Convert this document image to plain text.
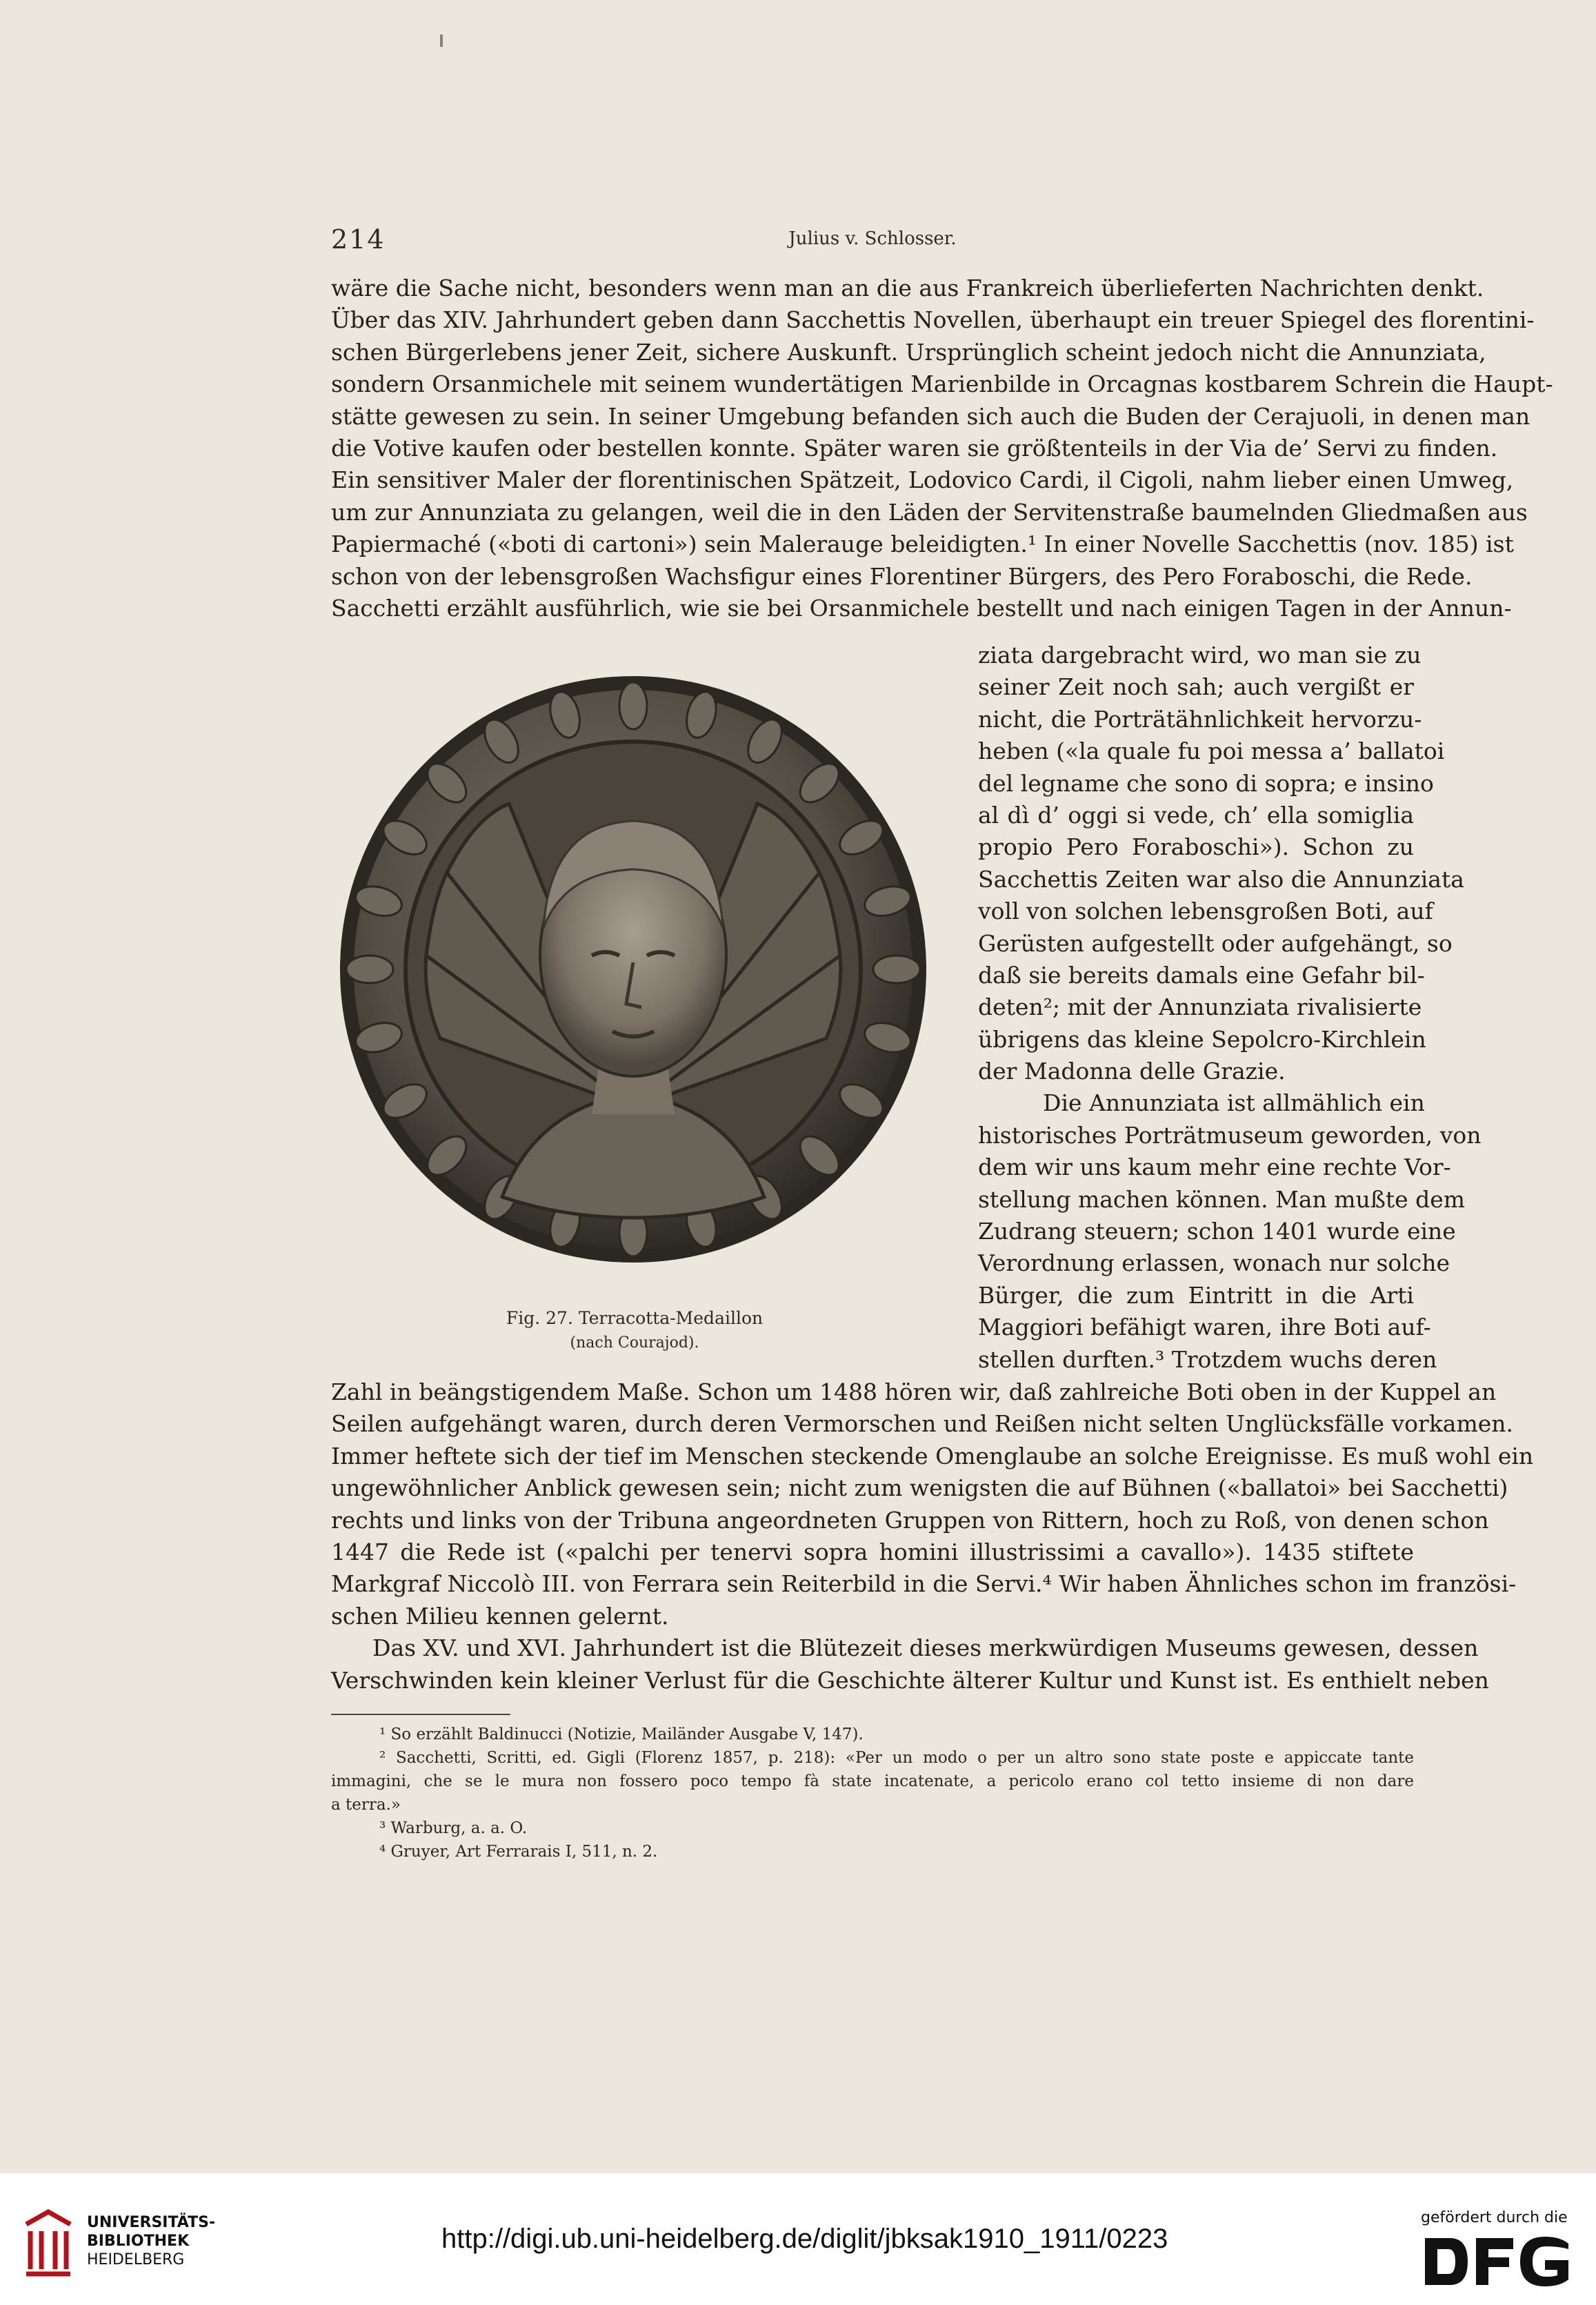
214	Julius v. Schlosser.
wäre die Sache nicht, besonders wenn man an die aus Frankreich überlieferten Nachrichten denkt.
Über das XIV. Jahrhundert geben dann Sacchettis Novellen, überhaupt ein treuer Spiegel des florentini-
schen Bürgerlebens jener Zeit, sichere Auskunft. Ursprünglich scheint jedoch nicht die Annunziata,
sondern Orsanmichele mit seinem wundertätigen Marienbilde in Orcagnas kostbarem Schrein die Haupt-
stätte gewesen zu sein. In seiner Umgebung befanden sich auch die Buden der Cerajuoli, in denen man
die Votive kaufen oder bestellen konnte. Später waren sie größtenteils in der Via de’ Servi zu finden.
Ein sensitiver Maler der florentinischen Spätzeit, Lodovico Cardi, il Cigoli, nahm lieber einen Umweg,
um zur Annunziata zu gelangen, weil die in den Läden der Servitenstraße baumelnden Gliedmaßen aus
Papiermaché («boti di cartoni») sein Malerauge beleidigten.¹ In einer Novelle Sacchettis (nov. 185) ist
schon von der lebensgroßen Wachsfigur eines Florentiner Bürgers, des Pero Foraboschi, die Rede.
Sacchetti erzählt ausführlich, wie sie bei Orsanmichele bestellt und nach einigen Tagen in der Annun-
Fig. 27. Terracotta-Medaillon
(nach Courajod).
ziata dargebracht wird, wo man sie zu
seiner Zeit noch sah; auch vergißt er
nicht, die Porträtähnlichkeit hervorzu-
heben («la quale fu poi messa a’ ballatoi
del legname che sono di sopra; e insino
al dì d’ oggi si vede, ch’ ella somiglia
propio Pero Foraboschi»). Schon zu
Sacchettis Zeiten war also die Annunziata
voll von solchen lebensgroßen Boti, auf
Gerüsten aufgestellt oder aufgehängt, so
daß sie bereits damals eine Gefahr bil-
deten²; mit der Annunziata rivalisierte
übrigens das kleine Sepolcro-Kirchlein
der Madonna delle Grazie.
Die Annunziata ist allmählich ein
historisches Porträtmuseum geworden, von
dem wir uns kaum mehr eine rechte Vor-
stellung machen können. Man mußte dem
Zudrang steuern; schon 1401 wurde eine
Verordnung erlassen, wonach nur solche
Bürger, die zum Eintritt in die Arti
Maggiori befähigt waren, ihre Boti auf-
stellen durften.³ Trotzdem wuchs deren
Zahl in beängstigendem Maße. Schon um 1488 hören wir, daß zahlreiche Boti oben in der Kuppel an
Seilen aufgehängt waren, durch deren Vermorschen und Reißen nicht selten Unglücksfälle vorkamen.
Immer heftete sich der tief im Menschen steckende Omenglaube an solche Ereignisse. Es muß wohl ein
ungewöhnlicher Anblick gewesen sein; nicht zum wenigsten die auf Bühnen («ballatoi» bei Sacchetti)
rechts und links von der Tribuna angeordneten Gruppen von Rittern, hoch zu Roß, von denen schon
1447 die Rede ist («palchi per tenervi sopra homini illustrissimi a cavallo»). 1435 stiftete
Markgraf Niccolò III. von Ferrara sein Reiterbild in die Servi.⁴ Wir haben Ähnliches schon im französi-
schen Milieu kennen gelernt.
Das XV. und XVI. Jahrhundert ist die Blütezeit dieses merkwürdigen Museums gewesen, dessen
Verschwinden kein kleiner Verlust für die Geschichte älterer Kultur und Kunst ist. Es enthielt neben
¹ So erzählt Baldinucci (Notizie, Mailänder Ausgabe V, 147).
² Sacchetti, Scritti, ed. Gigli (Florenz 1857, p. 218): «Per un modo o per un altro sono state poste e appiccate tante
immagini, che se le mura non fossero poco tempo fà state incatenate, a pericolo erano col tetto insieme di non dare
a terra.»
³ Warburg, a. a. O.
⁴ Gruyer, Art Ferrarais I, 511, n. 2.
UNIVERSITÄTS-
BIBLIOTHEK
HEIDELBERG
http://digi.ub.uni-heidelberg.de/diglit/jbksak1910_1911/0223
gefördert durch die
